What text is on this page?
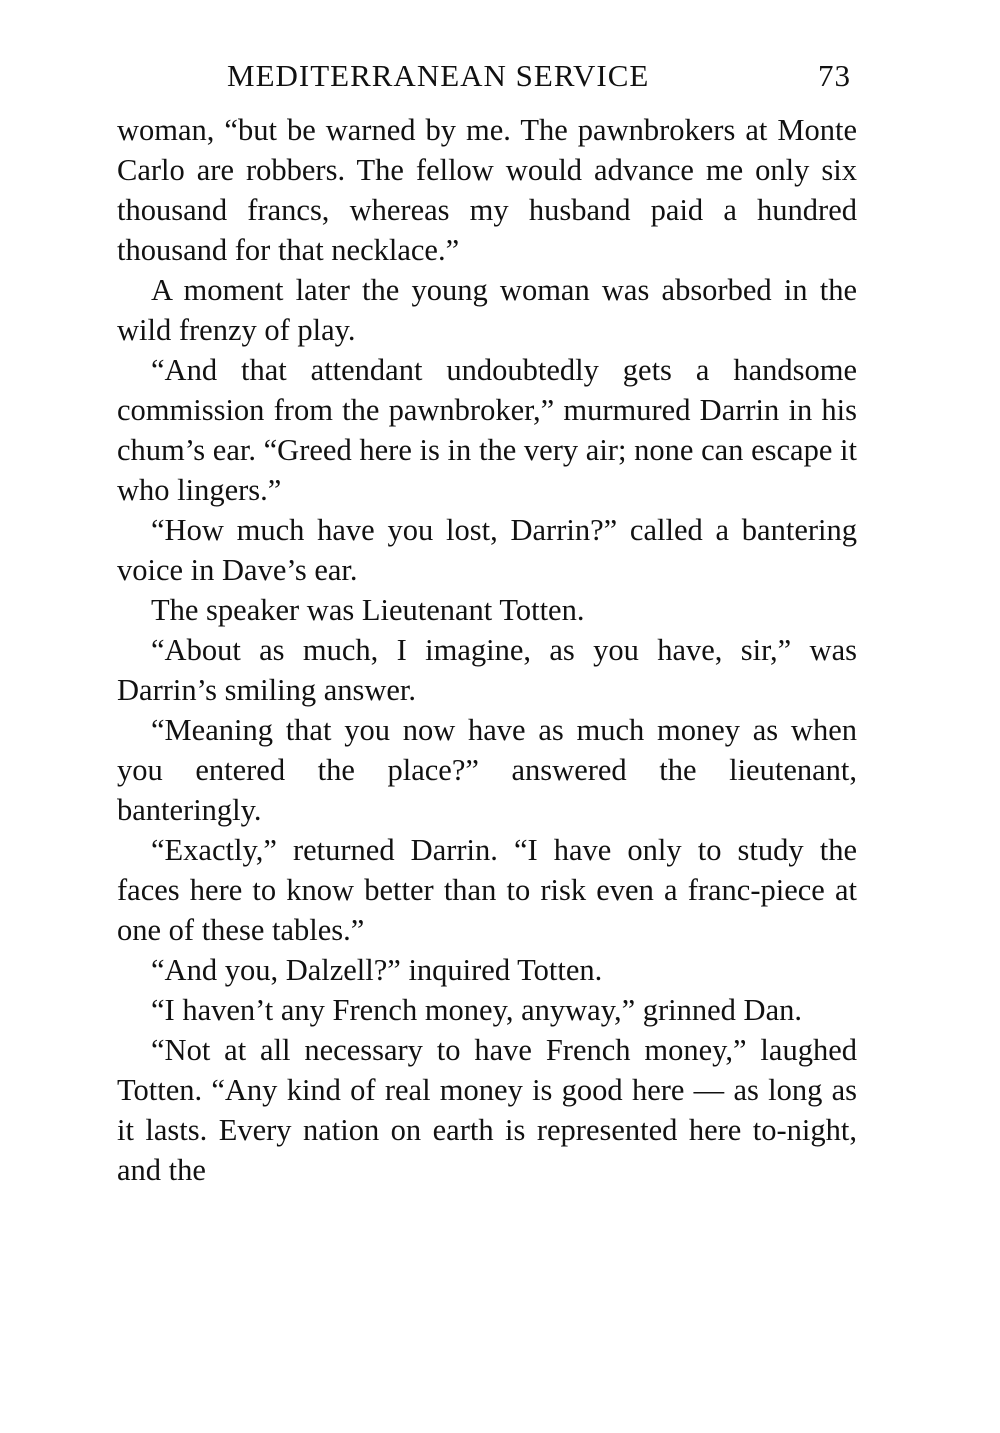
MEDITERRANEAN SERVICE	73

woman, “but be warned by me. The pawnbrokers at Monte Carlo are robbers. The fellow would advance me only six thousand francs, whereas my husband paid a hundred thousand for that necklace.”

A moment later the young woman was absorbed in the wild frenzy of play.

“And that attendant undoubtedly gets a handsome commission from the pawnbroker,” murmured Darrin in his chum’s ear. “Greed here is in the very air; none can escape it who lingers.”

“How much have you lost, Darrin?” called a bantering voice in Dave’s ear.

The speaker was Lieutenant Totten.

“About as much, I imagine, as you have, sir,” was Darrin’s smiling answer.

“Meaning that you now have as much money as when you entered the place?” answered the lieutenant, banteringly.

“Exactly,” returned Darrin. “I have only to study the faces here to know better than to risk even a franc-piece at one of these tables.”

“And you, Dalzell?” inquired Totten.

“I haven’t any French money, anyway,” grinned Dan.

“Not at all necessary to have French money,” laughed Totten. “Any kind of real money is good here — as long as it lasts. Every nation on earth is represented here to-night, and the
